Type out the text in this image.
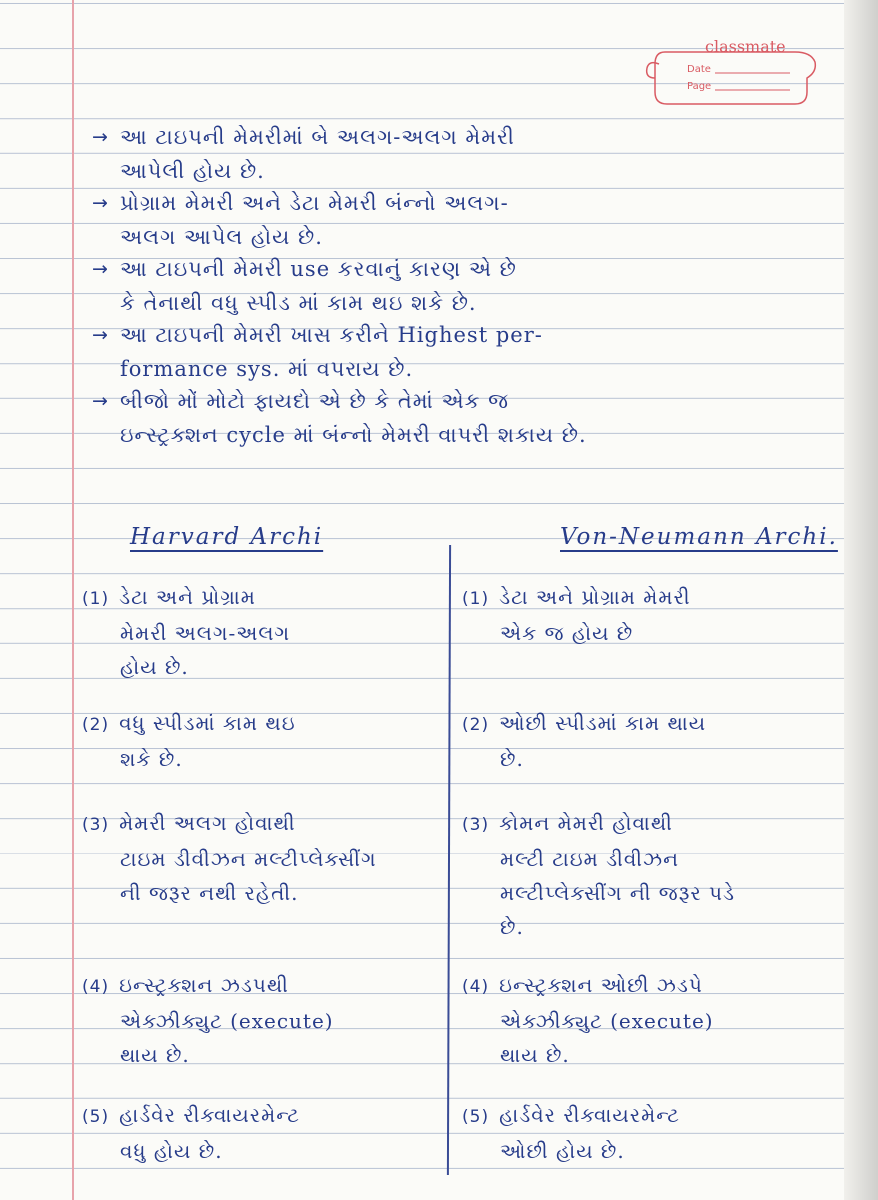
classmate
Date
Page
→ આ ટાઇપની મેમરીમાં બે અલગ-અલગ મેમરી
આપેલી હોય છે.
→ પ્રોગ્રામ મેમરી અને ડેટા મેમરી બંન્નો અલગ-
અલગ આપેલ હોય છે.
→ આ ટાઇપની મેમરી use કરવાનું કારણ એ છે
કે તેનાથી વધુ સ્પીડ માં કામ થઇ શકે છે.
→ આ ટાઇપની મેમરી ખાસ કરીને Highest per-
formance sys. માં વપરાય છે.
→ બીજો મોં મોટો ફાયદો એ છે કે તેમાં એક જ
ઇન્સ્ટ્રક્શન cycle માં બંન્નો મેમરી વાપરી શકાય છે.
Harvard Archi	Von-Neumann Archi.
(1) ડેટા અને પ્રોગ્રામ
મેમરી અલગ-અલગ
હોય છે.
(1) ડેટા અને પ્રોગ્રામ મેમરી
એક જ હોય છે
(2) વધુ સ્પીડમાં કામ થઇ
શકે છે.
(2) ઓછી સ્પીડમાં કામ થાય
છે.
(3) મેમરી અલગ હોવાથી
ટાઇમ ડીવીઝન મલ્ટીપ્લેક્સીંગ
ની જરૂર નથી રહેતી.
(3) કોમન મેમરી હોવાથી
મલ્ટી ટાઇમ ડીવીઝન
મલ્ટીપ્લેક્સીંગ ની જરૂર પડે
છે.
(4) ઇન્સ્ટ્રક્શન ઝડપથી
એક્ઝીક્યુટ (execute)
થાય છે.
(4) ઇન્સ્ટ્રક્શન ઓછી ઝડપે
એક્ઝીક્યુટ (execute)
થાય છે.
(5) હાર્ડવેર રીક્વાયરમેન્ટ
વધુ હોય છે.
(5) હાર્ડવેર રીક્વાયરમેન્ટ
ઓછી હોય છે.
